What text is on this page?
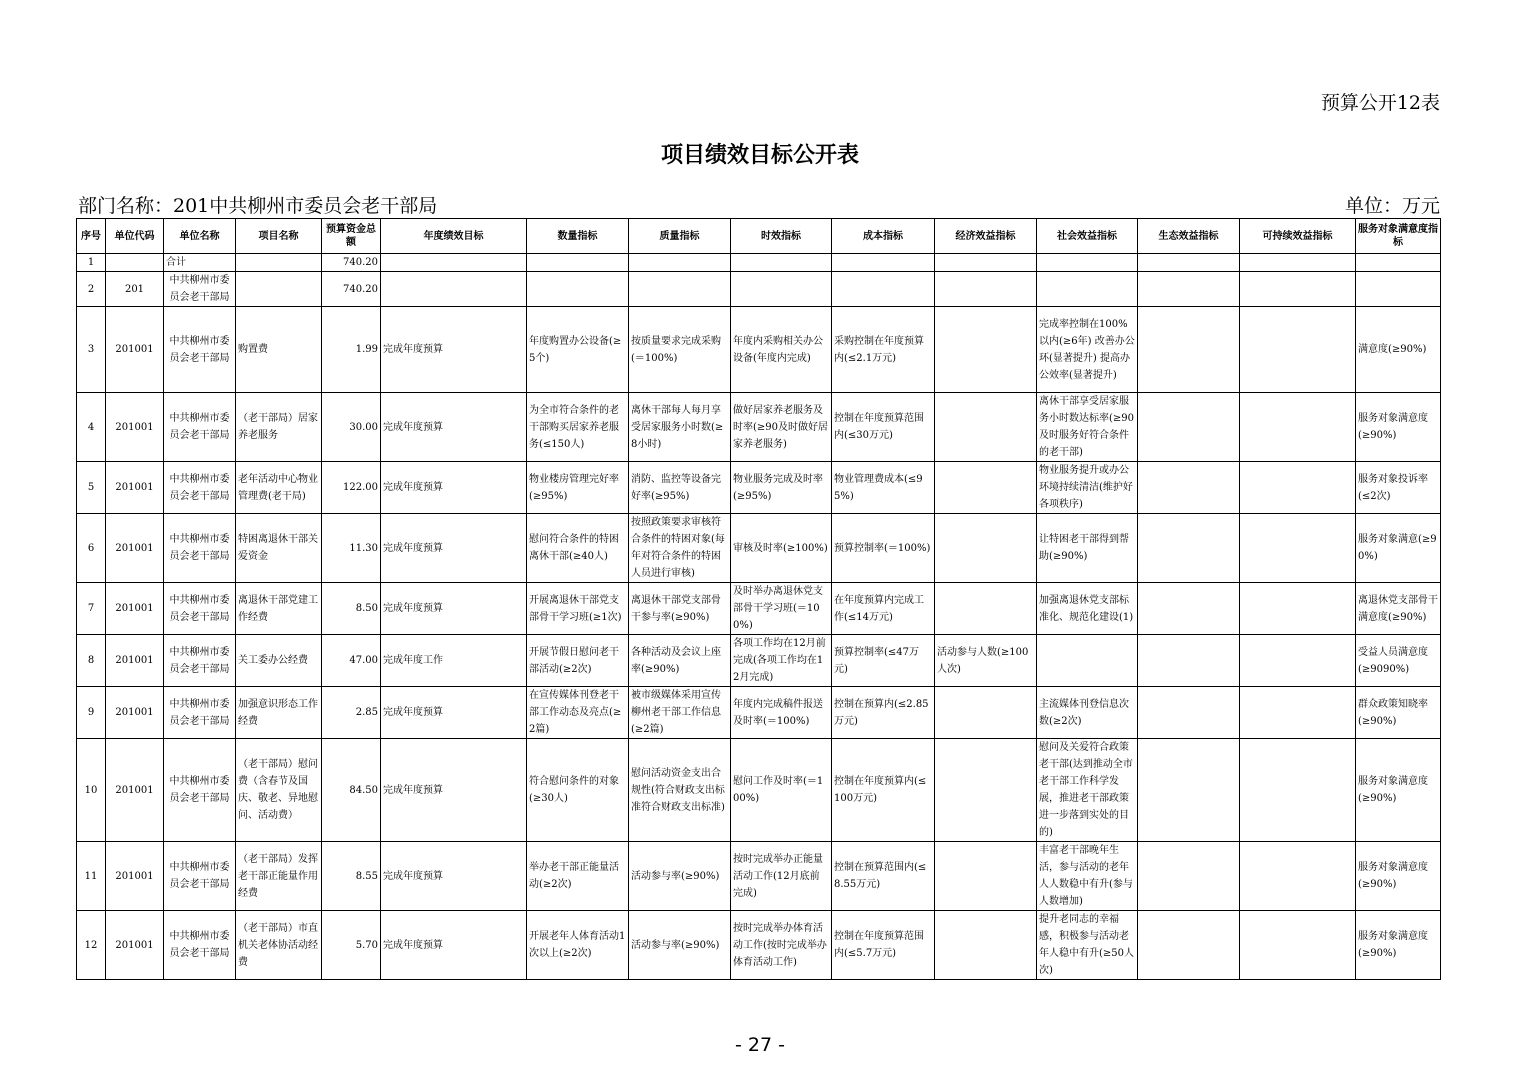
预算公开12表
项目绩效目标公开表
部门名称：201中共柳州市委员会老干部局	单位：万元
序号	单位代码	单位名称	项目名称	预算资金总额	年度绩效目标	数量指标	质量指标	时效指标	成本指标	经济效益指标	社会效益指标	生态效益指标	可持续效益指标	服务对象满意度指标
1		合计		740.20										
2	201	中共柳州市委员会老干部局		740.20										
3	201001	中共柳州市委员会老干部局	购置费	1.99	完成年度预算	年度购置办公设备(≥5个)	按质量要求完成采购(＝100%)	年度内采购相关办公设备(年度内完成)	采购控制在年度预算内(≤2.1万元)		完成率控制在100%以内(≥6年) 改善办公环(显著提升) 提高办公效率(显著提升)			满意度(≥90%)
4	201001	中共柳州市委员会老干部局	（老干部局）居家养老服务	30.00	完成年度预算	为全市符合条件的老干部购买居家养老服务(≤150人)	离休干部每人每月享受居家服务小时数(≥8小时)	做好居家养老服务及时率(≥90及时做好居家养老服务)	控制在年度预算范围内(≤30万元)		离休干部享受居家服务小时数达标率(≥90及时服务好符合条件的老干部)			服务对象满意度(≥90%)
5	201001	中共柳州市委员会老干部局	老年活动中心物业管理费(老干局)	122.00	完成年度预算	物业楼房管理完好率(≥95%)	消防、监控等设备完好率(≥95%)	物业服务完成及时率(≥95%)	物业管理费成本(≤95%)		物业服务提升或办公环境持续清洁(维护好各项秩序)			服务对象投诉率(≤2次)
6	201001	中共柳州市委员会老干部局	特困离退休干部关爱资金	11.30	完成年度预算	慰问符合条件的特困离休干部(≥40人)	按照政策要求审核符合条件的特困对象(每年对符合条件的特困人员进行审核)	审核及时率(≥100%)	预算控制率(＝100%)		让特困老干部得到帮助(≥90%)			服务对象满意(≥90%)
7	201001	中共柳州市委员会老干部局	离退休干部党建工作经费	8.50	完成年度预算	开展离退休干部党支部骨干学习班(≥1次)	离退休干部党支部骨干参与率(≥90%)	及时举办离退休党支部骨干学习班(＝100%)	在年度预算内完成工作(≤14万元)		加强离退休党支部标准化、规范化建设(1)			离退休党支部骨干满意度(≥90%)
8	201001	中共柳州市委员会老干部局	关工委办公经费	47.00	完成年度工作	开展节假日慰问老干部活动(≥2次)	各种活动及会议上座率(≥90%)	各项工作均在12月前完成(各项工作均在12月完成)	预算控制率(≤47万元)	活动参与人数(≥100人次)				受益人员满意度(≥9090%)
9	201001	中共柳州市委员会老干部局	加强意识形态工作经费	2.85	完成年度预算	在宣传媒体刊登老干部工作动态及亮点(≥2篇)	被市级媒体采用宣传柳州老干部工作信息(≥2篇)	年度内完成稿件报送及时率(＝100%)	控制在预算内(≤2.85万元)		主流媒体刊登信息次数(≥2次)			群众政策知晓率(≥90%)
10	201001	中共柳州市委员会老干部局	（老干部局）慰问费（含春节及国庆、敬老、异地慰问、活动费）	84.50	完成年度预算	符合慰问条件的对象(≥30人)	慰问活动资金支出合规性(符合财政支出标准符合财政支出标准)	慰问工作及时率(＝100%)	控制在年度预算内(≤100万元)		慰问及关爱符合政策老干部(达到推动全市老干部工作科学发展，推进老干部政策进一步落到实处的目的)			服务对象满意度(≥90%)
11	201001	中共柳州市委员会老干部局	（老干部局）发挥老干部正能量作用经费	8.55	完成年度预算	举办老干部正能量活动(≥2次)	活动参与率(≥90%)	按时完成举办正能量活动工作(12月底前完成)	控制在预算范围内(≤8.55万元)		丰富老干部晚年生活，参与活动的老年人人数稳中有升(参与人数增加)			服务对象满意度(≥90%)
12	201001	中共柳州市委员会老干部局	（老干部局）市直机关老体协活动经费	5.70	完成年度预算	开展老年人体育活动1次以上(≥2次)	活动参与率(≥90%)	按时完成举办体育活动工作(按时完成举办体育活动工作)	控制在年度预算范围内(≤5.7万元)		提升老同志的幸福感，积极参与活动老年人稳中有升(≥50人次)			服务对象满意度(≥90%)
- 27 -
